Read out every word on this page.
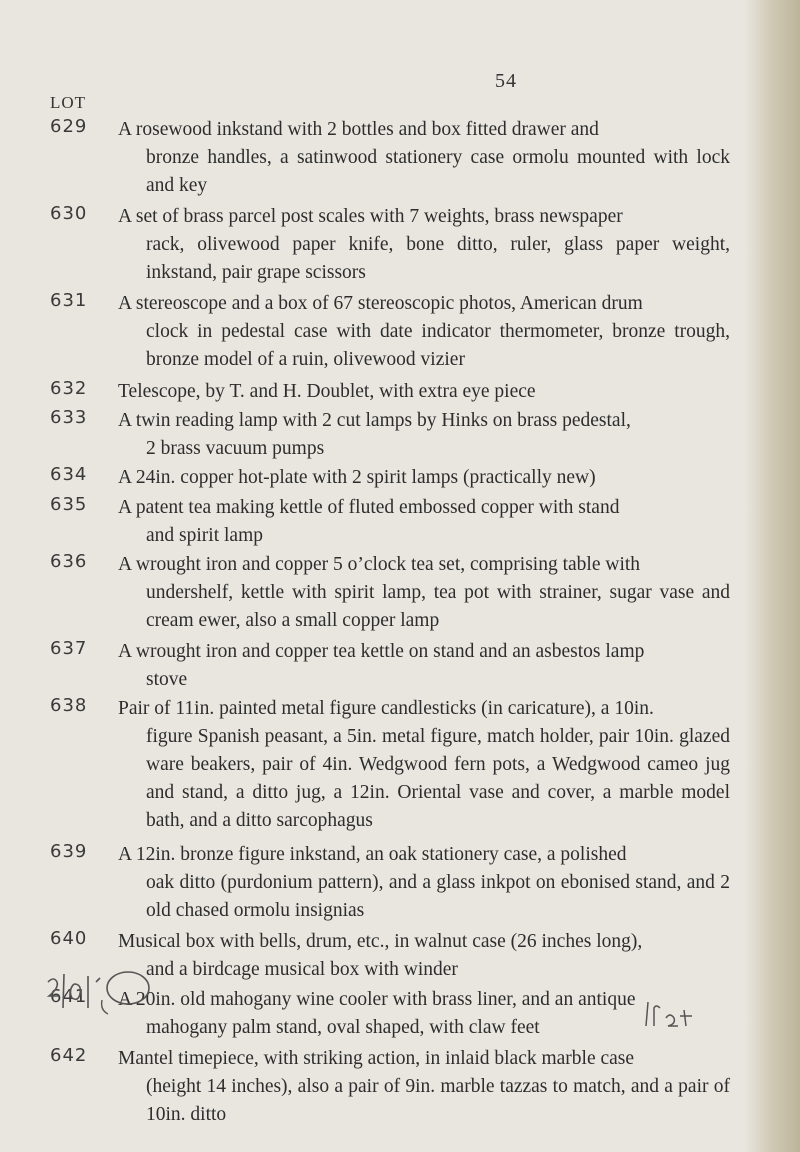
54
LOT
629 A rosewood inkstand with 2 bottles and box fitted drawer and
bronze handles, a satinwood stationery case ormolu mounted with lock and key
630 A set of brass parcel post scales with 7 weights, brass newspaper
rack, olivewood paper knife, bone ditto, ruler, glass paper weight, inkstand, pair grape scissors
631 A stereoscope and a box of 67 stereoscopic photos, American drum
clock in pedestal case with date indicator thermometer, bronze trough, bronze model of a ruin, olivewood vizier
632 Telescope, by T. and H. Doublet, with extra eye piece
633 A twin reading lamp with 2 cut lamps by Hinks on brass pedestal,
2 brass vacuum pumps
634 A 24in. copper hot-plate with 2 spirit lamps (practically new)
635 A patent tea making kettle of fluted embossed copper with stand
and spirit lamp
636 A wrought iron and copper 5 o’clock tea set, comprising table with
undershelf, kettle with spirit lamp, tea pot with strainer, sugar vase and cream ewer, also a small copper lamp
637 A wrought iron and copper tea kettle on stand and an asbestos lamp
stove
638 Pair of 11in. painted metal figure candlesticks (in caricature), a 10in.
figure Spanish peasant, a 5in. metal figure, match holder, pair 10in. glazed ware beakers, pair of 4in. Wedgwood fern pots, a Wedgwood cameo jug and stand, a ditto jug, a 12in. Oriental vase and cover, a marble model bath, and a ditto sarcophagus
639 A 12in. bronze figure inkstand, an oak stationery case, a polished
oak ditto (purdonium pattern), and a glass inkpot on ebonised stand, and 2 old chased ormolu insignias
640 Musical box with bells, drum, etc., in walnut case (26 inches long),
and a birdcage musical box with winder
641 A 20in. old mahogany wine cooler with brass liner, and an antique
mahogany palm stand, oval shaped, with claw feet
642 Mantel timepiece, with striking action, in inlaid black marble case
(height 14 inches), also a pair of 9in. marble tazzas to match, and a pair of 10in. ditto
